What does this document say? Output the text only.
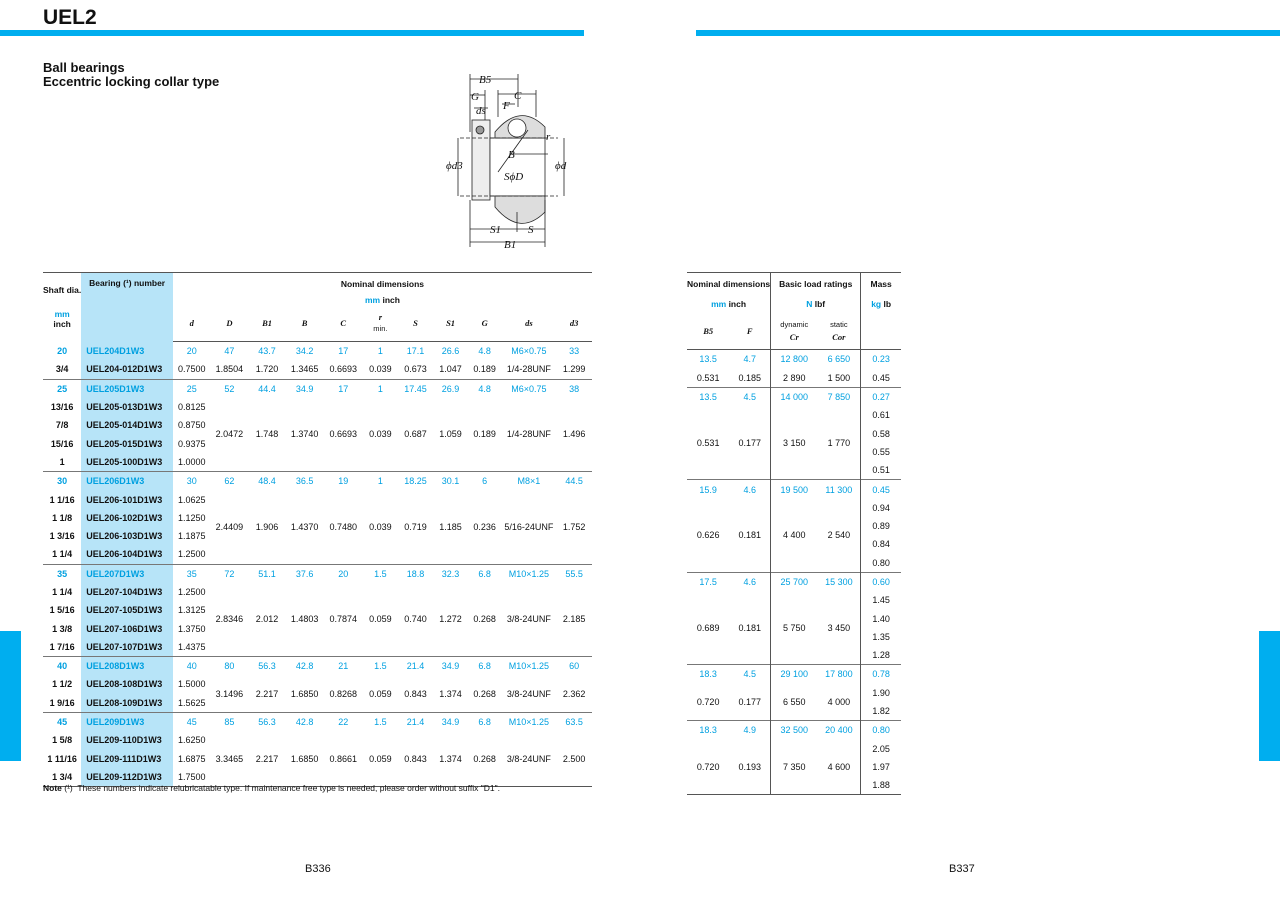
UEL2
Ball bearings
Eccentric locking collar type	B5
G	C
F
ds
r
ϕd3
B
ϕd
SϕD
S1 S
B1
Shaft dia.
mm
inch	Bearing (¹) number	Nominal dimensions										
		mm inch										
		d	D	B1	B	C	r
min.	S	S1	G	ds	d3
20	UEL204D1W3	20	47	43.7	34.2	17	1	17.1	26.6	4.8	M6×0.75	33
3/4	UEL204-012D1W3	0.7500	1.8504	1.720	1.3465	0.6693	0.039	0.673	1.047	0.189	1/4-28UNF	1.299
25	UEL205D1W3	25	52	44.4	34.9	17	1	17.45	26.9	4.8	M6×0.75	38
13/16	UEL205-013D1W3	0.8125	2.0472	1.748	1.3740	0.6693	0.039	0.687	1.059	0.189	1/4-28UNF	1.496
7/8	UEL205-014D1W3	0.8750										
15/16	UEL205-015D1W3	0.9375										
1	UEL205-100D1W3	1.0000										
30	UEL206D1W3	30	62	48.4	36.5	19	1	18.25	30.1	6	M8×1	44.5
1 1/16	UEL206-101D1W3	1.0625	2.4409	1.906	1.4370	0.7480	0.039	0.719	1.185	0.236	5/16-24UNF	1.752
1 1/8	UEL206-102D1W3	1.1250										
1 3/16	UEL206-103D1W3	1.1875										
1 1/4	UEL206-104D1W3	1.2500										
35	UEL207D1W3	35	72	51.1	37.6	20	1.5	18.8	32.3	6.8	M10×1.25	55.5
1 1/4	UEL207-104D1W3	1.2500	2.8346	2.012	1.4803	0.7874	0.059	0.740	1.272	0.268	3/8-24UNF	2.185
1 5/16	UEL207-105D1W3	1.3125										
1 3/8	UEL207-106D1W3	1.3750										
1 7/16	UEL207-107D1W3	1.4375										
40	UEL208D1W3	40	80	56.3	42.8	21	1.5	21.4	34.9	6.8	M10×1.25	60
1 1/2	UEL208-108D1W3	1.5000	3.1496	2.217	1.6850	0.8268	0.059	0.843	1.374	0.268	3/8-24UNF	2.362
1 9/16	UEL208-109D1W3	1.5625										
45	UEL209D1W3	45	85	56.3	42.8	22	1.5	21.4	34.9	6.8	M10×1.25	63.5
1 5/8	UEL209-110D1W3	1.6250	3.3465	2.217	1.6850	0.8661	0.059	0.843	1.374	0.268	3/8-24UNF	2.500
1 11/16	UEL209-111D1W3	1.6875										
1 3/4	UEL209-112D1W3	1.7500										
Nominal dimensions		Basic load ratings		Mass
mm inch		N lbf		kg lb
B5	F	dynamic
Cr	static
Cor	
13.5	4.7	12 800	6 650	0.23
0.531	0.185	2 890	1 500	0.45
13.5	4.5	14 000	7 850	0.27
0.531	0.177	3 150	1 770	0.61
				0.58
				0.55
				0.51
15.9	4.6	19 500	11 300	0.45
0.626	0.181	4 400	2 540	0.94
				0.89
				0.84
				0.80
17.5	4.6	25 700	15 300	0.60
0.689	0.181	5 750	3 450	1.45
				1.40
				1.35
				1.28
18.3	4.5	29 100	17 800	0.78
0.720	0.177	6 550	4 000	1.90
				1.82
18.3	4.9	32 500	20 400	0.80
0.720	0.193	7 350	4 600	2.05
				1.97
				1.88
Note (¹) These numbers indicate relubricatable type. If maintenance free type is needed, please order without suffix "D1".
B336	B337
